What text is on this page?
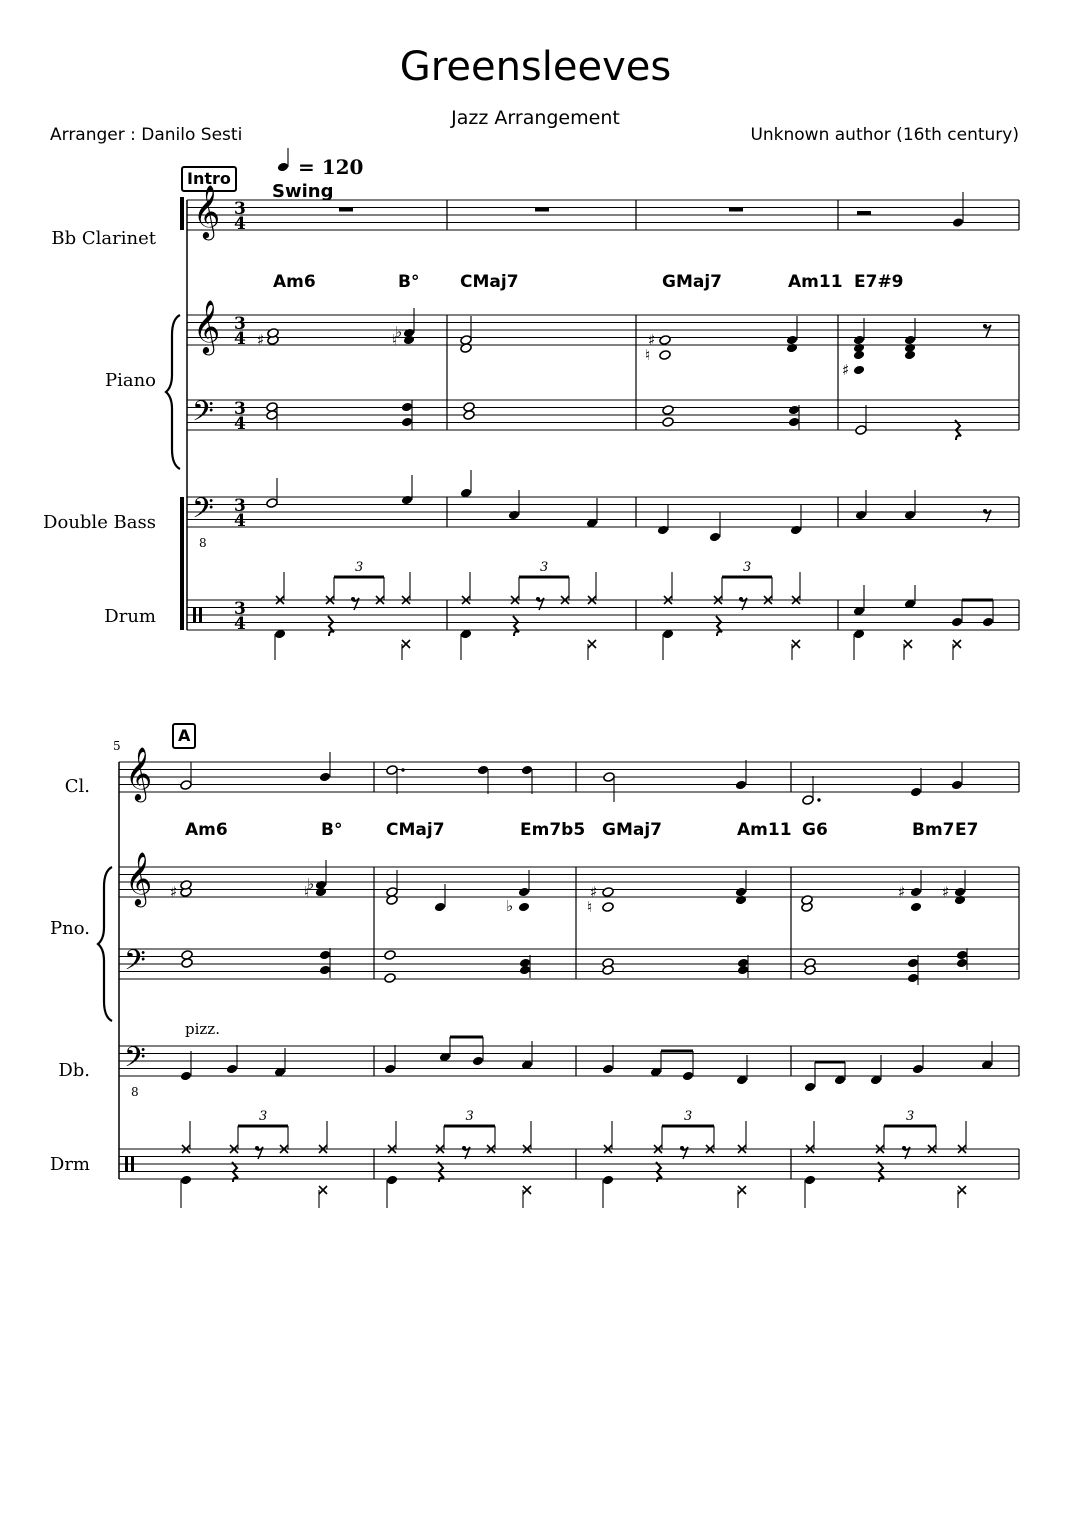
Greensleeves
Jazz Arrangement
Arranger : Danilo Sesti	Unknown author (16th century)
= 120
Swing
Intro
A
Bb Clarinet
Piano
Double Bass
Drum
Am6	B° CMaj7	GMaj7	Am11 E7#9
5
Cl.
Pno.
Db.
Drm
Am6	B°	CMaj7	Em7b5 GMaj7	Am11 G6	Bm7 E7
pizz.
𝄞
𝄞
𝄢
𝄢
8
3
4
3
4
3
4
3
4
3
4
♯	♮
♭	♯
♮
♯
3	3	3
𝄞
𝄞
𝄢
𝄢
8
♯	♮
♭
♭
♯
♮
♯ ♯
3	3	3	3
